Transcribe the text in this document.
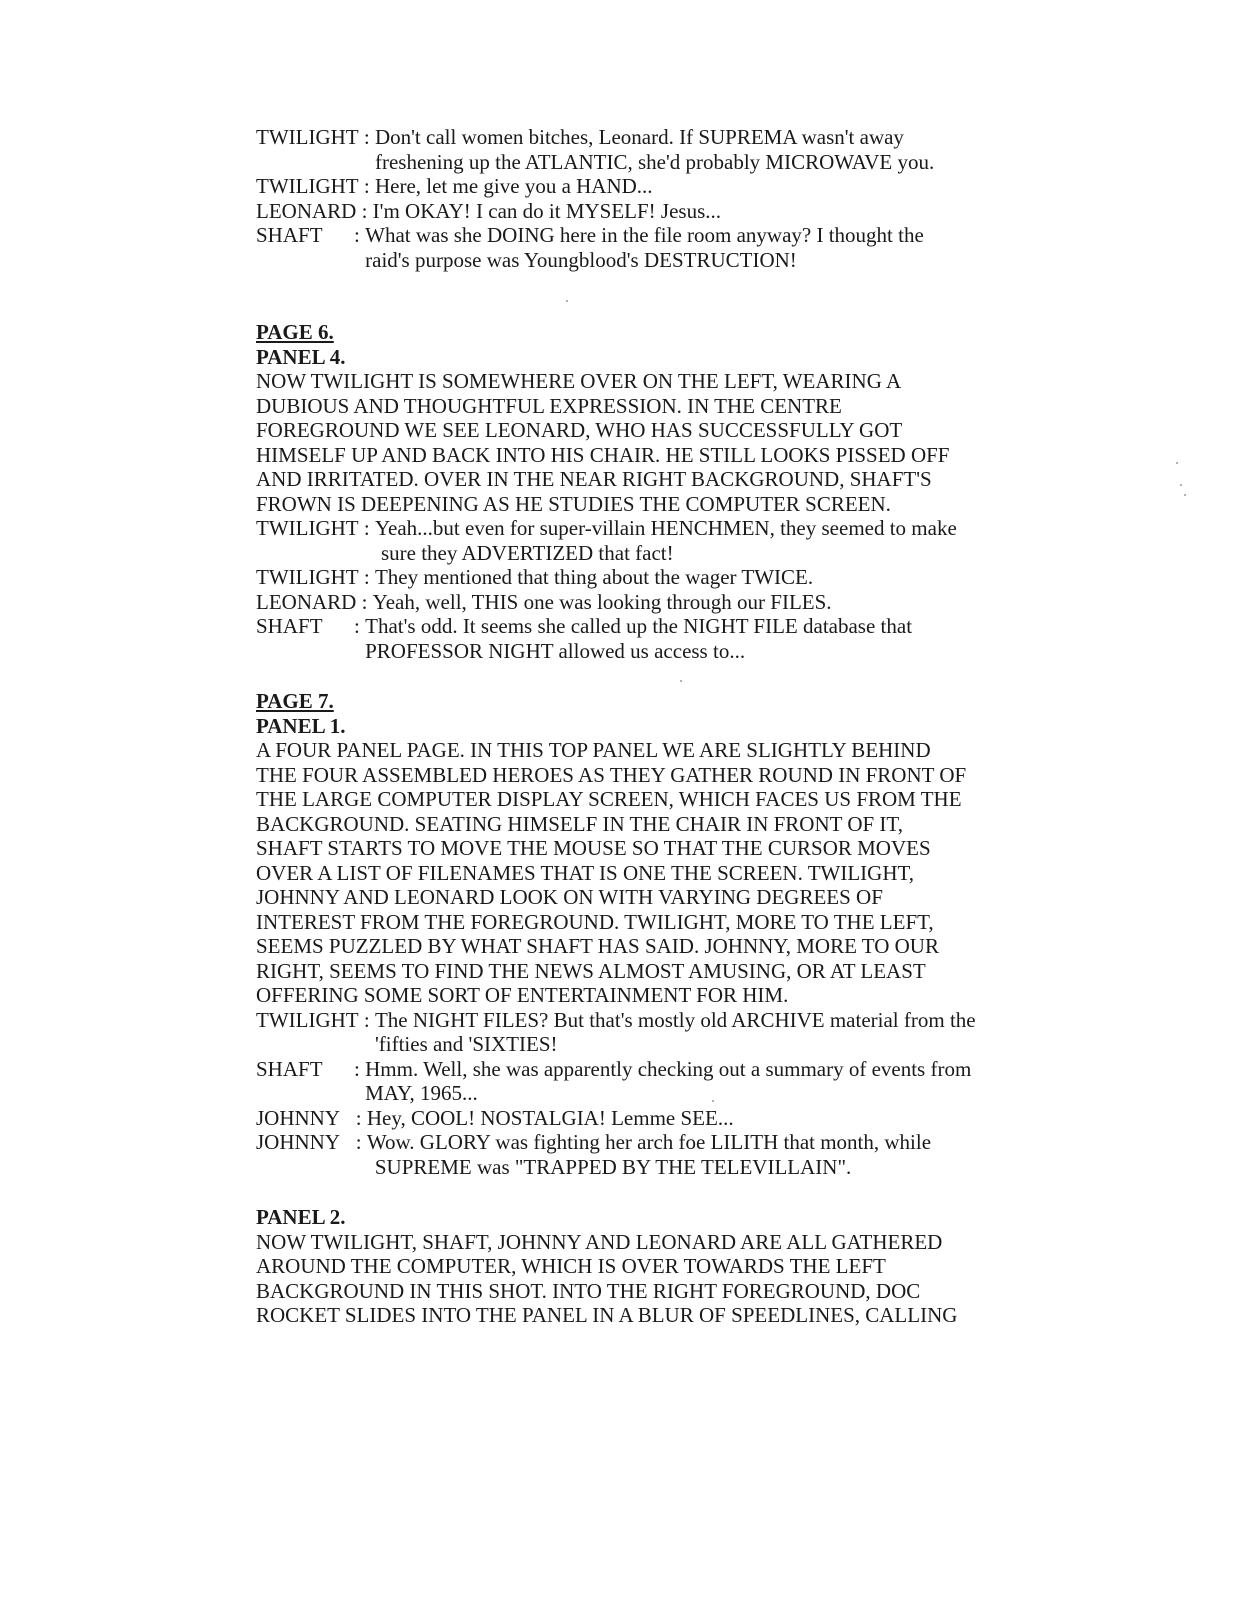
TWILIGHT : Don't call women bitches, Leonard. If SUPREMA wasn't away
freshening up the ATLANTIC, she'd probably MICROWAVE you.
TWILIGHT : Here, let me give you a HAND...
LEONARD : I'm OKAY! I can do it MYSELF! Jesus...
SHAFT : What was she DOING here in the file room anyway? I thought the
raid's purpose was Youngblood's DESTRUCTION!
PAGE 6.
PANEL 4.
NOW TWILIGHT IS SOMEWHERE OVER ON THE LEFT, WEARING A
DUBIOUS AND THOUGHTFUL EXPRESSION. IN THE CENTRE
FOREGROUND WE SEE LEONARD, WHO HAS SUCCESSFULLY GOT
HIMSELF UP AND BACK INTO HIS CHAIR. HE STILL LOOKS PISSED OFF
AND IRRITATED. OVER IN THE NEAR RIGHT BACKGROUND, SHAFT'S
FROWN IS DEEPENING AS HE STUDIES THE COMPUTER SCREEN.
TWILIGHT : Yeah...but even for super-villain HENCHMEN, they seemed to make
sure they ADVERTIZED that fact!
TWILIGHT : They mentioned that thing about the wager TWICE.
LEONARD : Yeah, well, THIS one was looking through our FILES.
SHAFT : That's odd. It seems she called up the NIGHT FILE database that
PROFESSOR NIGHT allowed us access to...
PAGE 7.
PANEL 1.
A FOUR PANEL PAGE. IN THIS TOP PANEL WE ARE SLIGHTLY BEHIND
THE FOUR ASSEMBLED HEROES AS THEY GATHER ROUND IN FRONT OF
THE LARGE COMPUTER DISPLAY SCREEN, WHICH FACES US FROM THE
BACKGROUND. SEATING HIMSELF IN THE CHAIR IN FRONT OF IT,
SHAFT STARTS TO MOVE THE MOUSE SO THAT THE CURSOR MOVES
OVER A LIST OF FILENAMES THAT IS ONE THE SCREEN. TWILIGHT,
JOHNNY AND LEONARD LOOK ON WITH VARYING DEGREES OF
INTEREST FROM THE FOREGROUND. TWILIGHT, MORE TO THE LEFT,
SEEMS PUZZLED BY WHAT SHAFT HAS SAID. JOHNNY, MORE TO OUR
RIGHT, SEEMS TO FIND THE NEWS ALMOST AMUSING, OR AT LEAST
OFFERING SOME SORT OF ENTERTAINMENT FOR HIM.
TWILIGHT : The NIGHT FILES? But that's mostly old ARCHIVE material from the
'fifties and 'SIXTIES!
SHAFT : Hmm. Well, she was apparently checking out a summary of events from
MAY, 1965...
JOHNNY : Hey, COOL! NOSTALGIA! Lemme SEE...
JOHNNY : Wow. GLORY was fighting her arch foe LILITH that month, while
SUPREME was "TRAPPED BY THE TELEVILLAIN".
PANEL 2.
NOW TWILIGHT, SHAFT, JOHNNY AND LEONARD ARE ALL GATHERED
AROUND THE COMPUTER, WHICH IS OVER TOWARDS THE LEFT
BACKGROUND IN THIS SHOT. INTO THE RIGHT FOREGROUND, DOC
ROCKET SLIDES INTO THE PANEL IN A BLUR OF SPEEDLINES, CALLING
